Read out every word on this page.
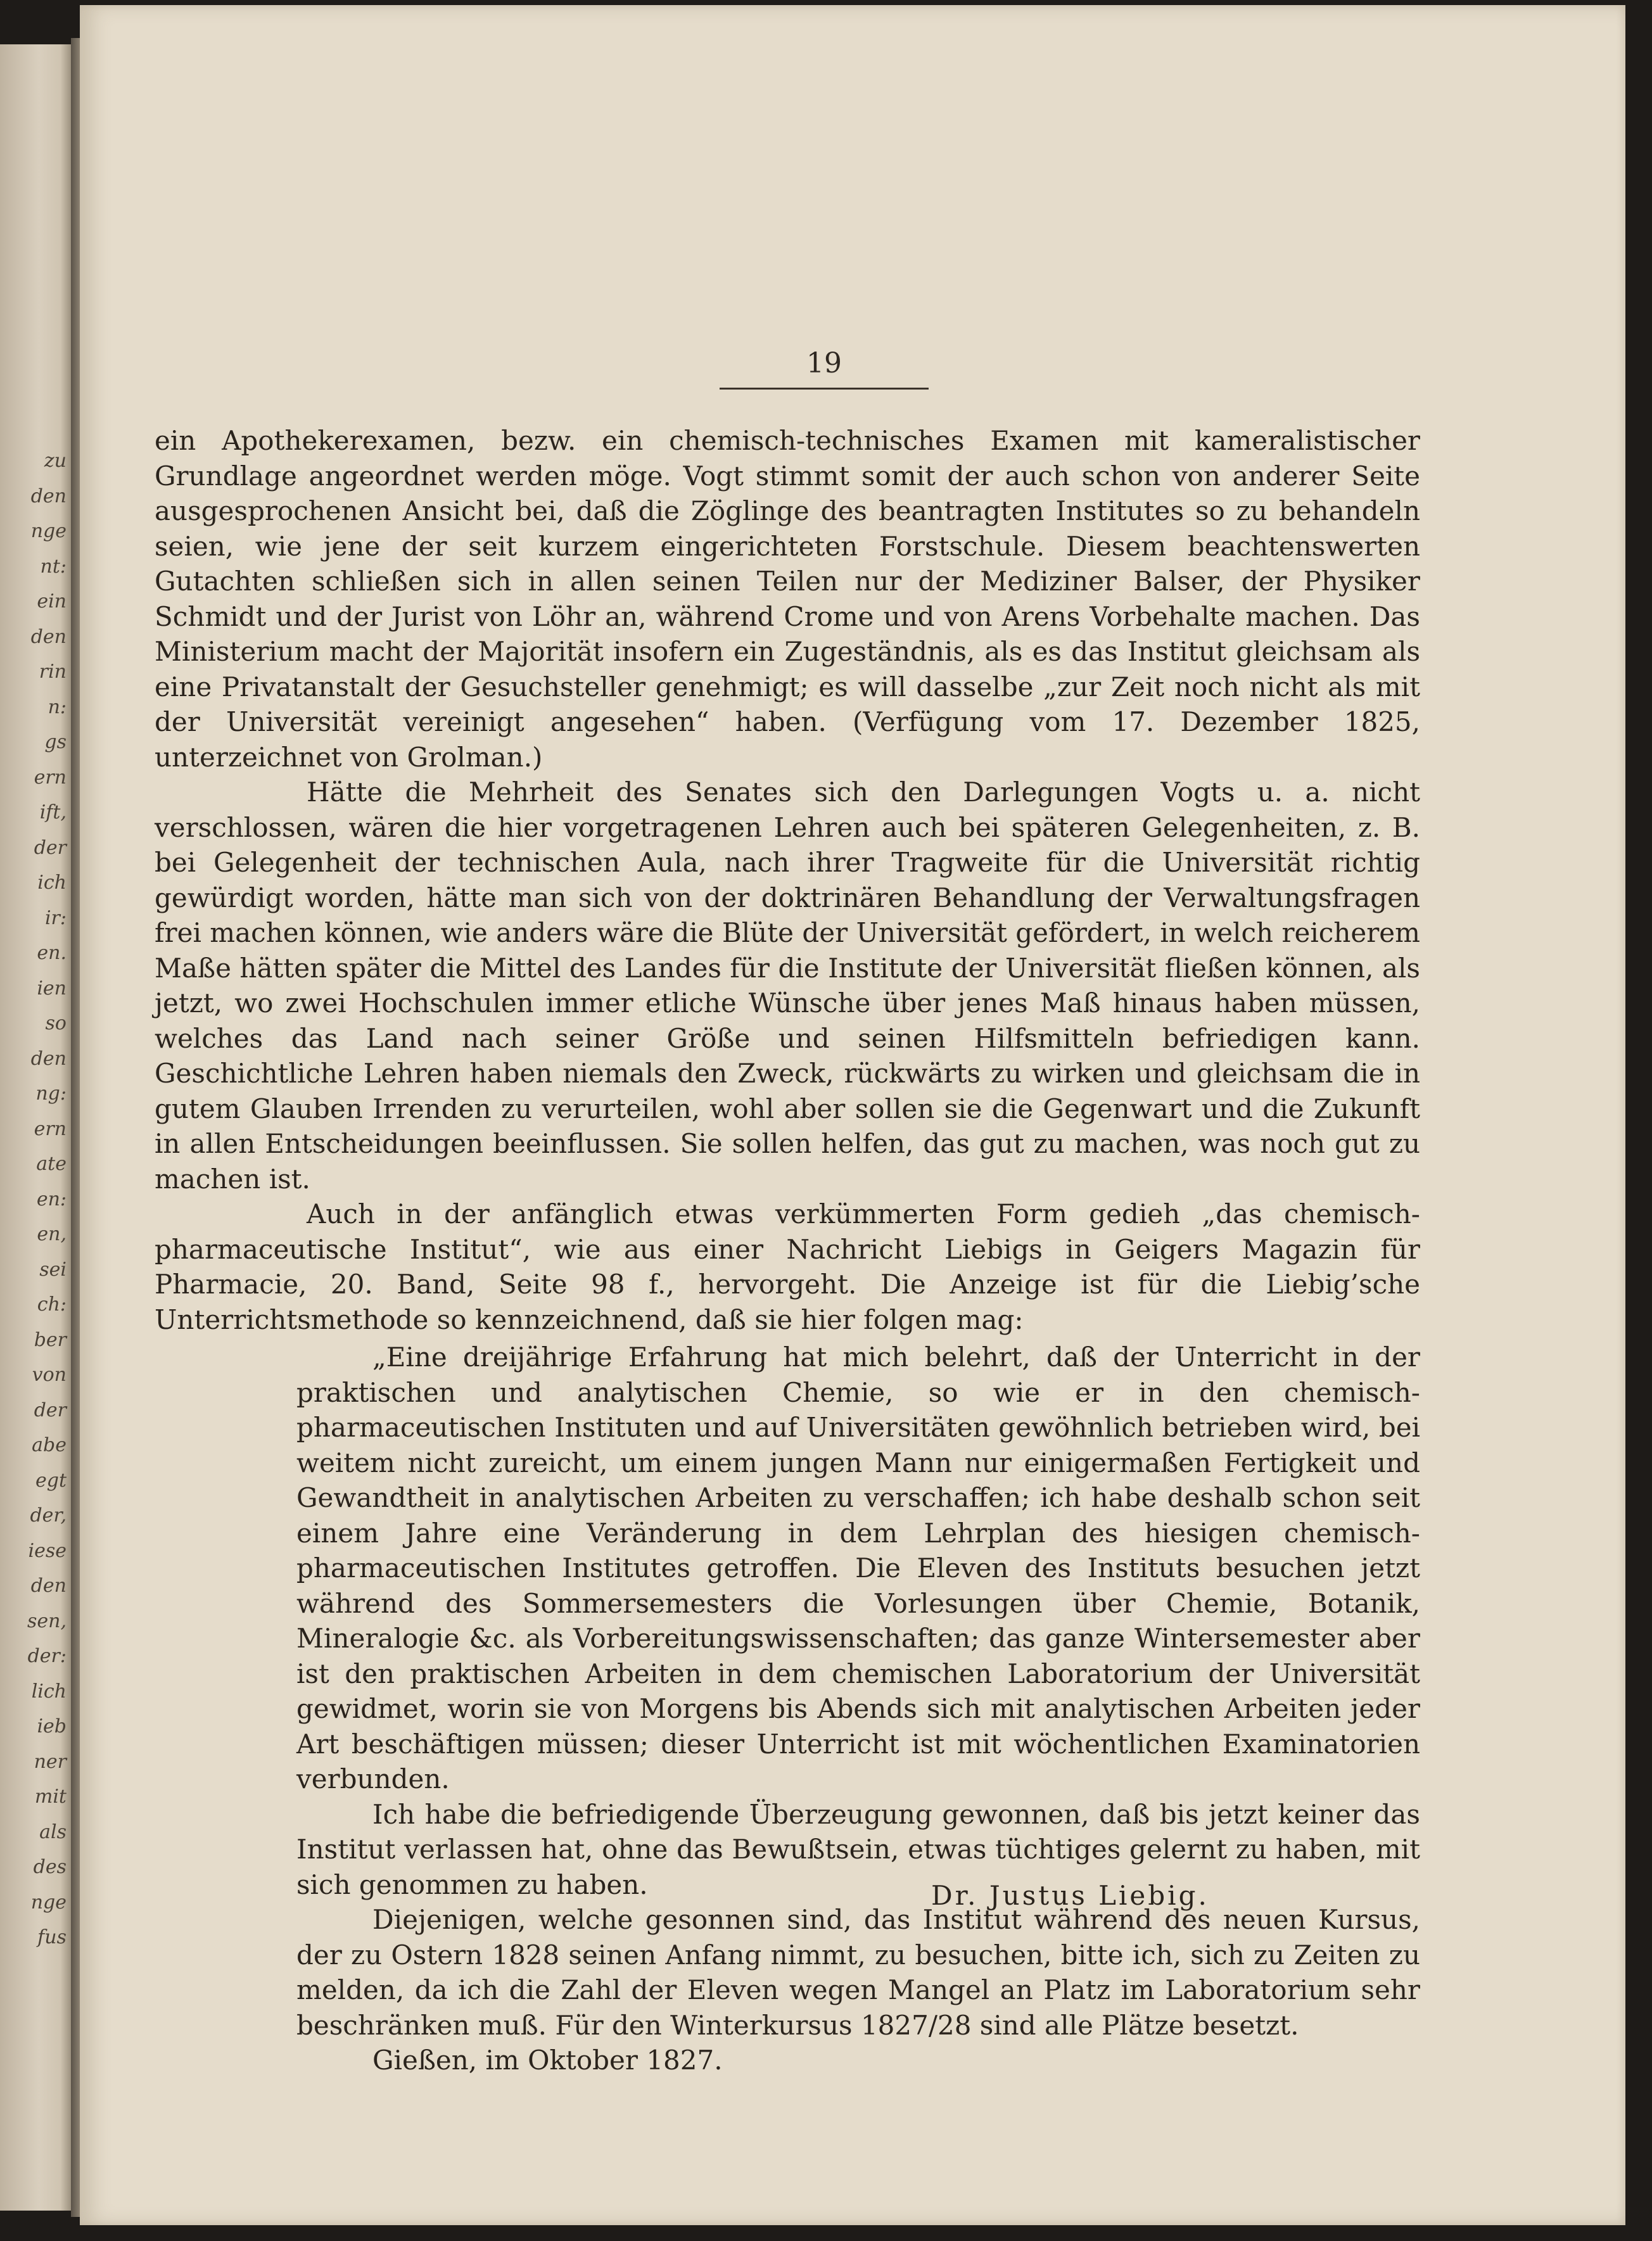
zu
den
nge
nt:
ein
den
rin
n:
gs
ern
ift,
der
ich
ir:
en.
ien
so
den
ng:
ern
ate
en:
en,
sei
ch:
ber
von
der
abe
egt
der,
iese
den
sen,
der:
lich
ieb
ner
mit
als
des
nge
fus
19

ein Apothekerexamen, bezw. ein chemisch-technisches Examen mit kameralistischer Grundlage angeordnet werden möge. Vogt stimmt somit der auch schon von anderer Seite ausgesprochenen Ansicht bei, daß die Zöglinge des beantragten Institutes so zu behandeln seien, wie jene der seit kurzem eingerichteten Forstschule. Diesem beachtenswerten Gutachten schließen sich in allen seinen Teilen nur der Mediziner Balser, der Physiker Schmidt und der Jurist von Löhr an, während Crome und von Arens Vorbehalte machen. Das Ministerium macht der Majorität insofern ein Zugeständnis, als es das Institut gleichsam als eine Privatanstalt der Gesuchsteller genehmigt; es will dasselbe „zur Zeit noch nicht als mit der Universität vereinigt angesehen“ haben. (Verfügung vom 17. Dezember 1825, unterzeichnet von Grolman.)

Hätte die Mehrheit des Senates sich den Darlegungen Vogts u. a. nicht verschlossen, wären die hier vorgetragenen Lehren auch bei späteren Gelegenheiten, z. B. bei Gelegenheit der technischen Aula, nach ihrer Tragweite für die Universität richtig gewürdigt worden, hätte man sich von der doktrinären Behandlung der Verwaltungsfragen frei machen können, wie anders wäre die Blüte der Universität gefördert, in welch reicherem Maße hätten später die Mittel des Landes für die Institute der Universität fließen können, als jetzt, wo zwei Hochschulen immer etliche Wünsche über jenes Maß hinaus haben müssen, welches das Land nach seiner Größe und seinen Hilfsmitteln befriedigen kann. Geschichtliche Lehren haben niemals den Zweck, rückwärts zu wirken und gleichsam die in gutem Glauben Irrenden zu verurteilen, wohl aber sollen sie die Gegenwart und die Zukunft in allen Entscheidungen beeinflussen. Sie sollen helfen, das gut zu machen, was noch gut zu machen ist.

Auch in der anfänglich etwas verkümmerten Form gedieh „das chemisch-pharmaceutische Institut“, wie aus einer Nachricht Liebigs in Geigers Magazin für Pharmacie, 20. Band, Seite 98 f., hervorgeht. Die Anzeige ist für die Liebig’sche Unterrichtsmethode so kennzeichnend, daß sie hier folgen mag:

„Eine dreijährige Erfahrung hat mich belehrt, daß der Unterricht in der praktischen und analytischen Chemie, so wie er in den chemisch-pharmaceutischen Instituten und auf Universitäten gewöhnlich betrieben wird, bei weitem nicht zureicht, um einem jungen Mann nur einigermaßen Fertigkeit und Gewandtheit in analytischen Arbeiten zu verschaffen; ich habe deshalb schon seit einem Jahre eine Veränderung in dem Lehrplan des hiesigen chemisch-pharmaceutischen Institutes getroffen. Die Eleven des Instituts besuchen jetzt während des Sommersemesters die Vorlesungen über Chemie, Botanik, Mineralogie &c. als Vorbereitungswissenschaften; das ganze Wintersemester aber ist den praktischen Arbeiten in dem chemischen Laboratorium der Universität gewidmet, worin sie von Morgens bis Abends sich mit analytischen Arbeiten jeder Art beschäftigen müssen; dieser Unterricht ist mit wöchentlichen Examinatorien verbunden.

Ich habe die befriedigende Überzeugung gewonnen, daß bis jetzt keiner das Institut verlassen hat, ohne das Bewußtsein, etwas tüchtiges gelernt zu haben, mit sich genommen zu haben.

Diejenigen, welche gesonnen sind, das Institut während des neuen Kursus, der zu Ostern 1828 seinen Anfang nimmt, zu besuchen, bitte ich, sich zu Zeiten zu melden, da ich die Zahl der Eleven wegen Mangel an Platz im Laboratorium sehr beschränken muß. Für den Winterkursus 1827/28 sind alle Plätze besetzt.

Gießen, im Oktober 1827.

Dr. Justus Liebig.
